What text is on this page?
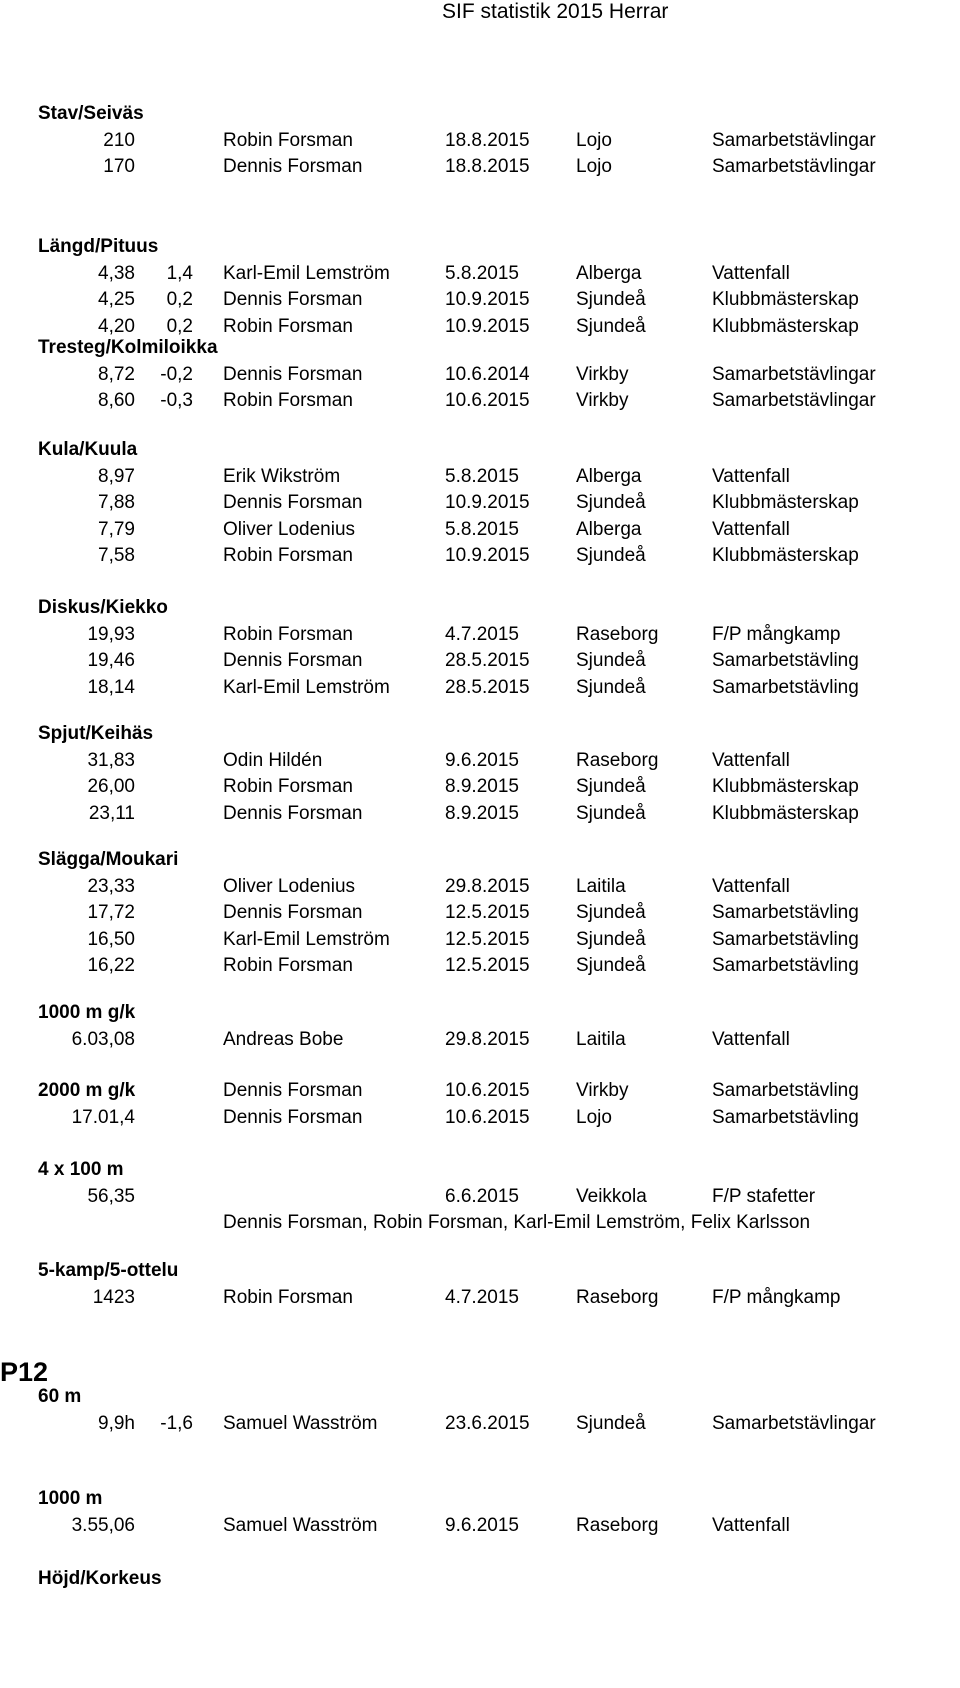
SIF statistik 2015 Herrar
Stav/Seiväs
210	Robin Forsman	18.8.2015 Lojo	Samarbetstävlingar
170	Dennis Forsman	18.8.2015 Lojo	Samarbetstävlingar
Längd/Pituus
4,38	1,4 Karl-Emil Lemström	5.8.2015	Alberga	Vattenfall
4,25	0,2 Dennis Forsman	10.9.2015 Sjundeå	Klubbmästerskap
4,20	0,2 Robin Forsman	10.9.2015 Sjundeå	Klubbmästerskap
Tresteg/Kolmiloikka
8,72	-0,2 Dennis Forsman	10.6.2014 Virkby	Samarbetstävlingar
8,60	-0,3 Robin Forsman	10.6.2015 Virkby	Samarbetstävlingar
Kula/Kuula
8,97	Erik Wikström	5.8.2015	Alberga	Vattenfall
7,88	Dennis Forsman	10.9.2015 Sjundeå	Klubbmästerskap
7,79	Oliver Lodenius	5.8.2015	Alberga	Vattenfall
7,58	Robin Forsman	10.9.2015 Sjundeå	Klubbmästerskap
Diskus/Kiekko
19,93	Robin Forsman	4.7.2015	Raseborg	F/P mångkamp
19,46	Dennis Forsman	28.5.2015 Sjundeå	Samarbetstävling
18,14	Karl-Emil Lemström	28.5.2015 Sjundeå	Samarbetstävling
Spjut/Keihäs
31,83	Odin Hildén	9.6.2015	Raseborg	Vattenfall
26,00	Robin Forsman	8.9.2015	Sjundeå	Klubbmästerskap
23,11	Dennis Forsman	8.9.2015	Sjundeå	Klubbmästerskap
Slägga/Moukari
23,33	Oliver Lodenius	29.8.2015 Laitila	Vattenfall
17,72	Dennis Forsman	12.5.2015 Sjundeå	Samarbetstävling
16,50	Karl-Emil Lemström	12.5.2015 Sjundeå	Samarbetstävling
16,22	Robin Forsman	12.5.2015 Sjundeå	Samarbetstävling
1000 m g/k
6.03,08	Andreas Bobe	29.8.2015 Laitila	Vattenfall
2000 m g/k	Dennis Forsman	10.6.2015 Virkby	Samarbetstävling
17.01,4	Dennis Forsman	10.6.2015 Lojo	Samarbetstävling
4 x 100 m
56,35	6.6.2015	Veikkola	F/P stafetter
Dennis Forsman, Robin Forsman, Karl-Emil Lemström, Felix Karlsson
5-kamp/5-ottelu
1423	Robin Forsman	4.7.2015	Raseborg	F/P mångkamp
P12
60 m
9,9h	-1,6 Samuel Wasström	23.6.2015 Sjundeå	Samarbetstävlingar
1000 m
3.55,06	Samuel Wasström	9.6.2015	Raseborg	Vattenfall
Höjd/Korkeus
